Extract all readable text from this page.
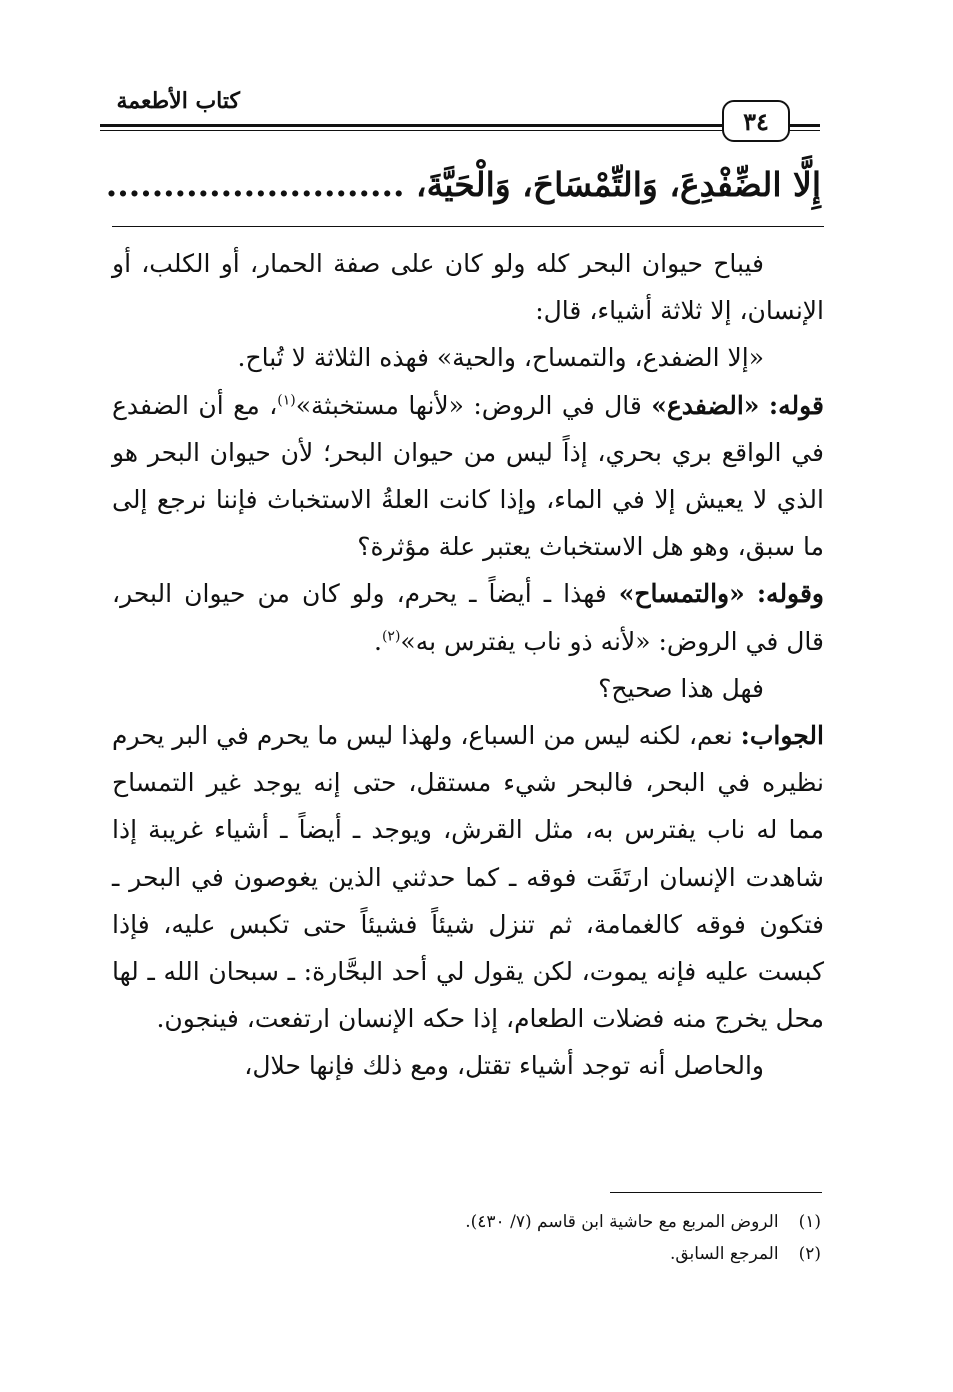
كتاب الأطعمة
٣٤
إِلَّا الضِّفْدِعَ، وَالتِّمْسَاحَ، وَالْحَيَّةَ، ..........................

فيباح حيوان البحر كله ولو كان على صفة الحمار، أو الكلب، أو الإنسان، إلا ثلاثة أشياء، قال:

«إلا الضفدع، والتمساح، والحية» فهذه الثلاثة لا تُباح.

قوله: «الضفدع» قال في الروض: «لأنها مستخبثة»$^{(١)}$، مع أن الضفدع في الواقع بري بحري، إذاً ليس من حيوان البحر؛ لأن حيوان البحر هو الذي لا يعيش إلا في الماء، وإذا كانت العلةُ الاستخباث فإننا نرجع إلى ما سبق، وهو هل الاستخباث يعتبر علة مؤثرة؟

وقوله: «والتمساح» فهذا ـ أيضاً ـ يحرم، ولو كان من حيوان البحر، قال في الروض: «لأنه ذو ناب يفترس به»$^{(٢)}$.

فهل هذا صحيح؟

الجواب: نعم، لكنه ليس من السباع، ولهذا ليس ما يحرم في البر يحرم نظيره في البحر، فالبحر شيء مستقل، حتى إنه يوجد غير التمساح مما له ناب يفترس به، مثل القرش، ويوجد ـ أيضاً ـ أشياء غريبة إذا شاهدت الإنسان ارتَقَت فوقه ـ كما حدثني الذين يغوصون في البحر ـ فتكون فوقه كالغمامة، ثم تنزل شيئاً فشيئاً حتى تكبس عليه، فإذا كبست عليه فإنه يموت، لكن يقول لي أحد البحَّارة: ـ سبحان الله ـ لها محل يخرج منه فضلات الطعام، إذا حكه الإنسان ارتفعت، فينجون.

والحاصل أنه توجد أشياء تقتل، ومع ذلك فإنها حلال،

(١)
الروض المربع مع حاشية ابن قاسم (٧/ ٤٣٠).
(٢)
المرجع السابق.
